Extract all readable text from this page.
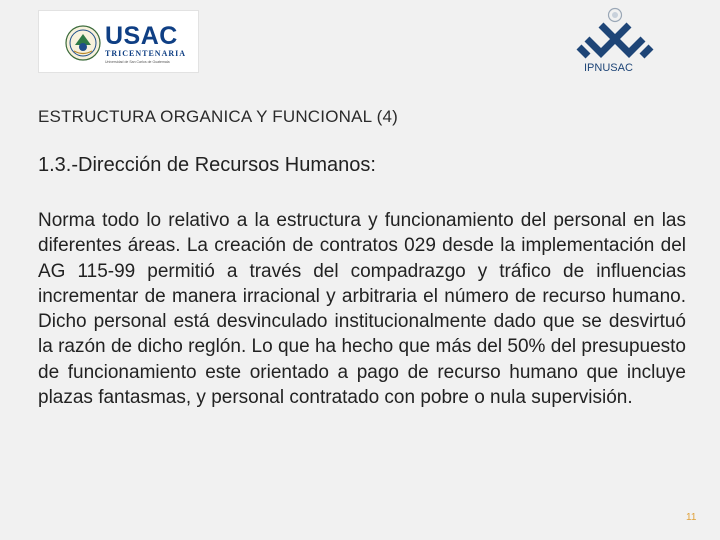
USAC
TRICENTENARIA
Universidad de San Carlos de Guatemala	IPNUSAC
ESTRUCTURA ORGANICA Y FUNCIONAL (4)
1.3.-Dirección de Recursos Humanos:

Norma todo lo relativo a la estructura y funcionamiento del personal en las diferentes áreas. La creación de contratos 029 desde la implementación del AG 115-99 permitió a través del compadrazgo y tráfico de influencias incrementar de manera irracional y arbitraria el número de recurso humano. Dicho personal está desvinculado institucionalmente dado que se desvirtuó la razón de dicho reglón. Lo que ha hecho que más del 50% del presupuesto de funcionamiento este orientado a pago de recurso humano que incluye plazas fantasmas, y personal contratado con pobre o nula supervisión.

11
